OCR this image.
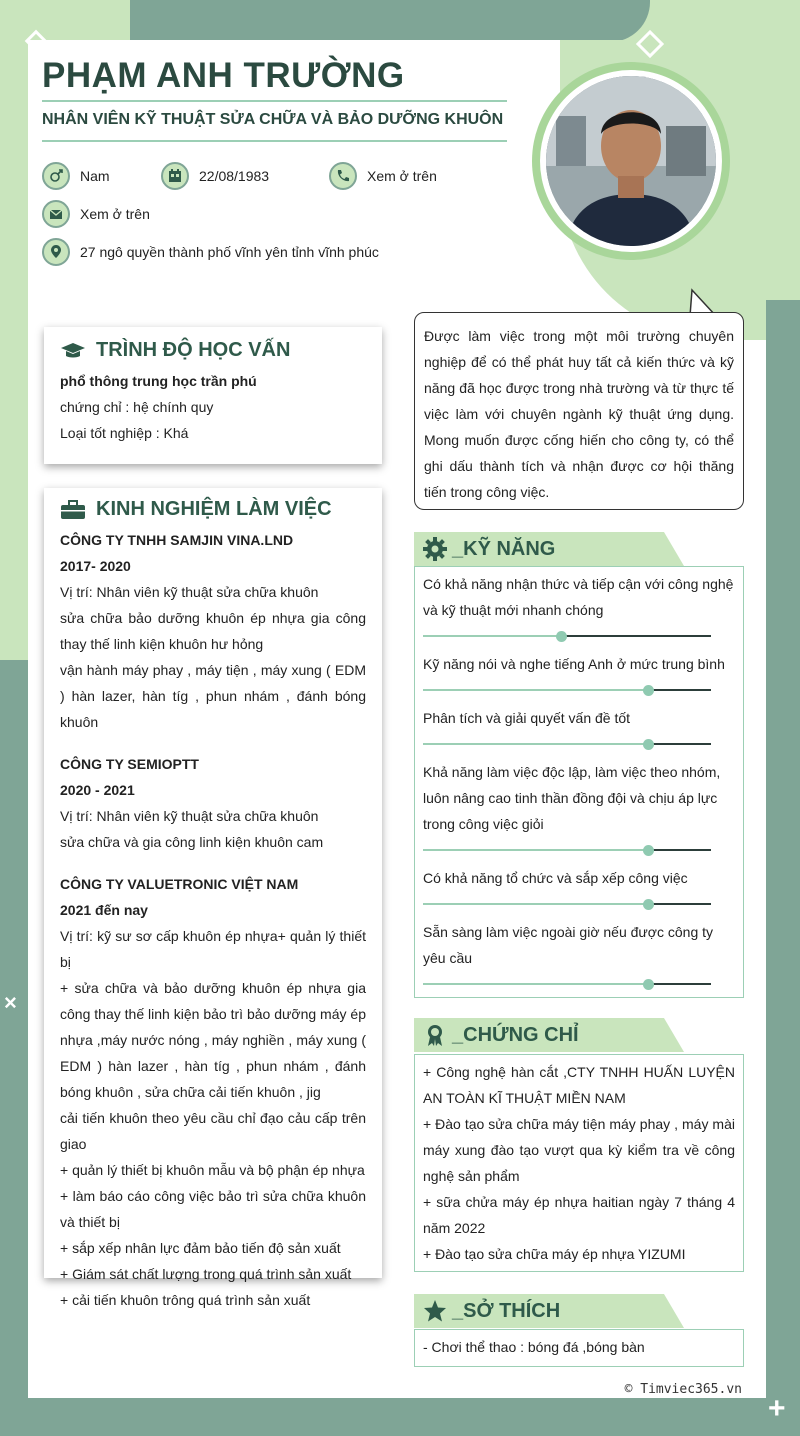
+
×
PHẠM ANH TRƯỜNG
NHÂN VIÊN KỸ THUẬT SỬA CHỮA VÀ BẢO DƯỠNG KHUÔN
Nam	22/08/1983	Xem ở trên
Xem ở trên
27 ngô quyền thành phố vĩnh yên tỉnh vĩnh phúc
TRÌNH ĐỘ HỌC VẤN
phổ thông trung học trần phú
chứng chỉ : hệ chính quy
Loại tốt nghiệp : Khá
KINH NGHIỆM LÀM VIỆC
CÔNG TY TNHH SAMJIN VINA.LND
2017- 2020
Vị trí: Nhân viên kỹ thuật sửa chữa khuôn
sửa chữa bảo dưỡng khuôn ép nhựa gia công thay thế linh kiện khuôn hư hỏng
vận hành máy phay , máy tiện , máy xung ( EDM ) hàn lazer, hàn tíg , phun nhám , đánh bóng khuôn
CÔNG TY SEMIOPTT
2020 - 2021
Vị trí: Nhân viên kỹ thuật sửa chữa khuôn
sửa chữa và gia công linh kiện khuôn cam
CÔNG TY VALUETRONIC VIỆT NAM
2021 đến nay
Vị trí: kỹ sư sơ cấp khuôn ép nhựa+ quản lý thiết bị
+ sửa chữa và bảo dưỡng khuôn ép nhựa gia công thay thế linh kiện bảo trì bảo dưỡng máy ép nhựa ,máy nước nóng , máy nghiền , máy xung ( EDM ) hàn lazer , hàn tíg , phun nhám , đánh bóng khuôn , sửa chữa cải tiến khuôn , jig
cải tiến khuôn theo yêu cầu chỉ đạo cảu cấp trên giao
+ quản lý thiết bị khuôn mẫu và bộ phận ép nhựa
+ làm báo cáo công việc bảo trì sửa chữa khuôn và thiết bị
+ sắp xếp nhân lực đảm bảo tiến độ sản xuất
+ Giám sát chất lượng trong quá trình sản xuất
+ cải tiến khuôn trông quá trình sản xuất
Được làm việc trong một môi trường chuyên nghiệp để có thể phát huy tất cả kiến thức và kỹ năng đã học được trong nhà trường và từ thực tế việc làm với chuyên ngành kỹ thuật ứng dụng. Mong muốn được cống hiến cho công ty, có thể ghi dấu thành tích và nhận được cơ hội thăng tiến trong công việc.
_KỸ NĂNG
Có khả năng nhận thức và tiếp cận với công nghệ và kỹ thuật mới nhanh chóng
Kỹ năng nói và nghe tiếng Anh ở mức trung bình
Phân tích và giải quyết vấn đề tốt
Khả năng làm việc độc lập, làm việc theo nhóm, luôn nâng cao tinh thần đồng đội và chịu áp lực trong công việc giỏi
Có khả năng tổ chức và sắp xếp công việc
Sẵn sàng làm việc ngoài giờ nếu được công ty yêu cầu
_CHỨNG CHỈ
+ Công nghệ hàn cắt ,CTY TNHH HUẤN LUYỆN AN TOÀN KĨ THUẬT MIỀN NAM
+ Đào tạo sửa chữa máy tiện máy phay , máy mài máy xung đào tạo vượt qua kỳ kiểm tra về công nghệ sản phẩm
+ sữa chửa máy ép nhựa haitian ngày 7 tháng 4 năm 2022
+ Đào tạo sửa chữa máy ép nhựa YIZUMI
_SỞ THÍCH
- Chơi thể thao : bóng đá ,bóng bàn
© Timviec365.vn
